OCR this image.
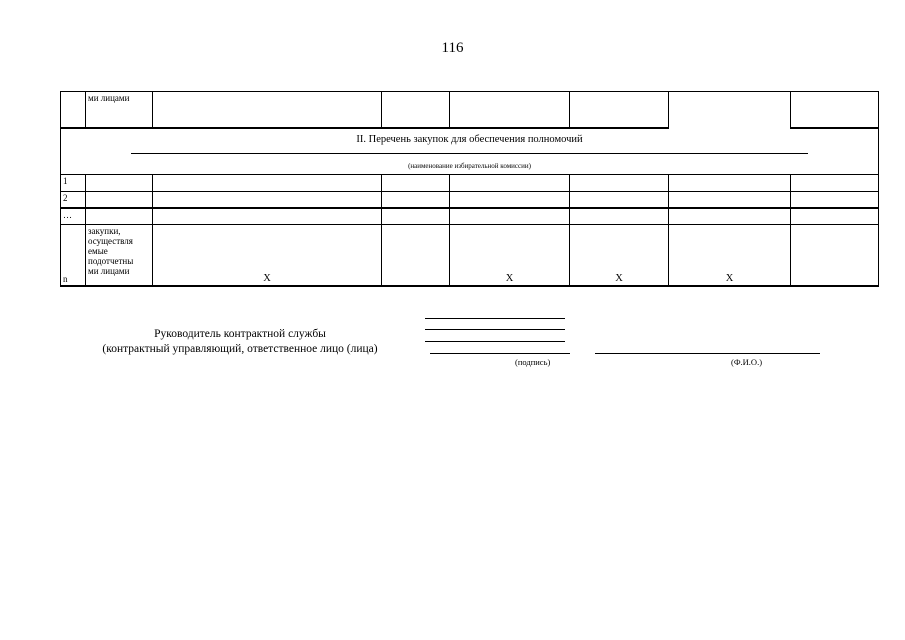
116
	ми лицами						

II. Перечень закупок для обеспечения полномочий
(наименование избирательной комиссии)							

1							
2							
…							
n	закупки,
осуществля
емые
подотчетны
ми лицами	X		X	X	X	
Руководитель контрактной службы
(контрактный управляющий, ответственное лицо (лица)
(подпись)	(Ф.И.О.)
